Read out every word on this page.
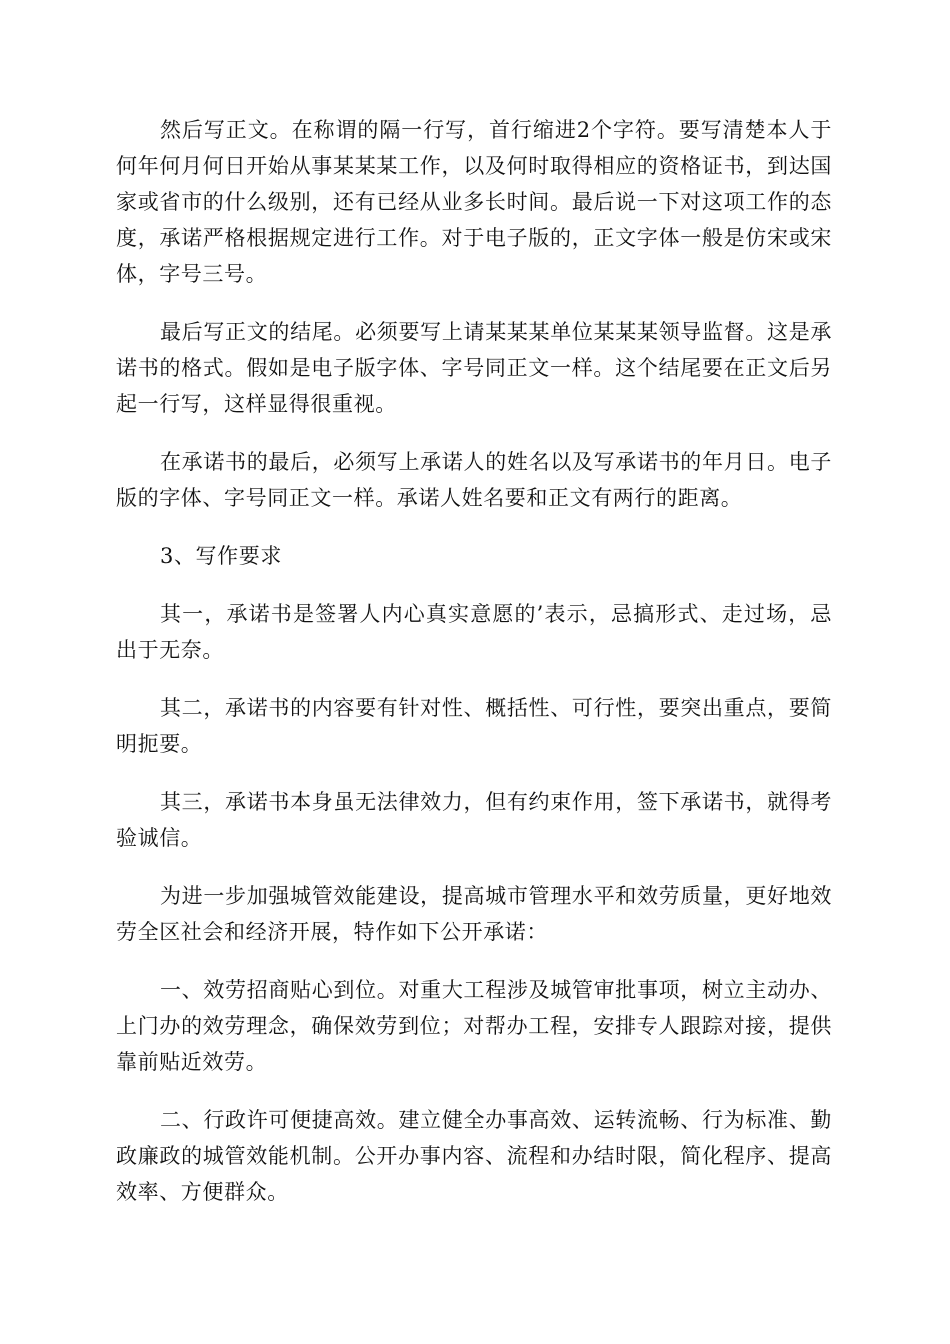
然后写正文。在称谓的隔一行写，首行缩进2个字符。要写清楚本人于何年何月何日开始从事某某某工作，以及何时取得相应的资格证书，到达国家或省市的什么级别，还有已经从业多长时间。最后说一下对这项工作的态度，承诺严格根据规定进行工作。对于电子版的，正文字体一般是仿宋或宋体，字号三号。

最后写正文的结尾。必须要写上请某某某单位某某某领导监督。这是承诺书的格式。假如是电子版字体、字号同正文一样。这个结尾要在正文后另起一行写，这样显得很重视。

在承诺书的最后，必须写上承诺人的姓名以及写承诺书的年月日。电子版的字体、字号同正文一样。承诺人姓名要和正文有两行的距离。

3、写作要求

其一，承诺书是签署人内心真实意愿的’表示，忌搞形式、走过场，忌出于无奈。

其二，承诺书的内容要有针对性、概括性、可行性，要突出重点，要简明扼要。

其三，承诺书本身虽无法律效力，但有约束作用，签下承诺书，就得考验诚信。

为进一步加强城管效能建设，提高城市管理水平和效劳质量，更好地效劳全区社会和经济开展，特作如下公开承诺：

一、效劳招商贴心到位。对重大工程涉及城管审批事项，树立主动办、上门办的效劳理念，确保效劳到位；对帮办工程，安排专人跟踪对接，提供靠前贴近效劳。

二、行政许可便捷高效。建立健全办事高效、运转流畅、行为标准、勤政廉政的城管效能机制。公开办事内容、流程和办结时限，简化程序、提高效率、方便群众。
